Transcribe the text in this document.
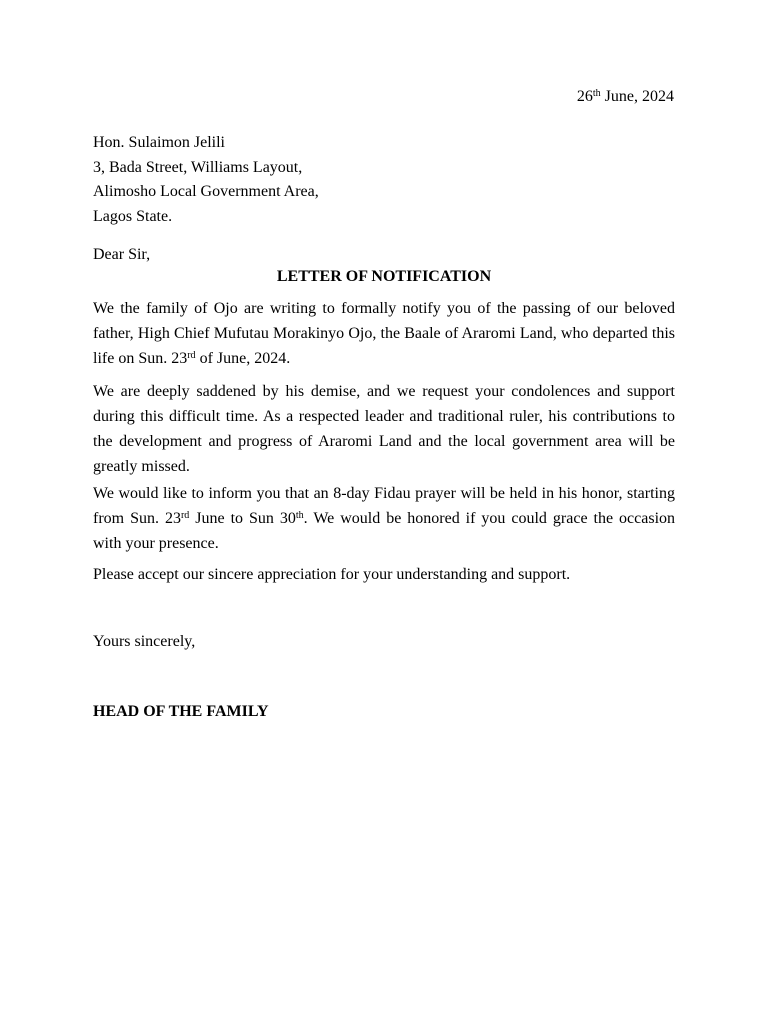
26th June, 2024
Hon. Sulaimon Jelili
3, Bada Street, Williams Layout,
Alimosho Local Government Area,
Lagos State.
Dear Sir,
LETTER OF NOTIFICATION

We the family of Ojo are writing to formally notify you of the passing of our beloved father, High Chief Mufutau Morakinyo Ojo, the Baale of Araromi Land, who departed this life on Sun. 23rd of June, 2024.

We are deeply saddened by his demise, and we request your condolences and support during this difficult time. As a respected leader and traditional ruler, his contributions to the development and progress of Araromi Land and the local government area will be greatly missed.

We would like to inform you that an 8-day Fidau prayer will be held in his honor, starting from Sun. 23rd June to Sun 30th. We would be honored if you could grace the occasion with your presence.

Please accept our sincere appreciation for your understanding and support.

Yours sincerely,
HEAD OF THE FAMILY
